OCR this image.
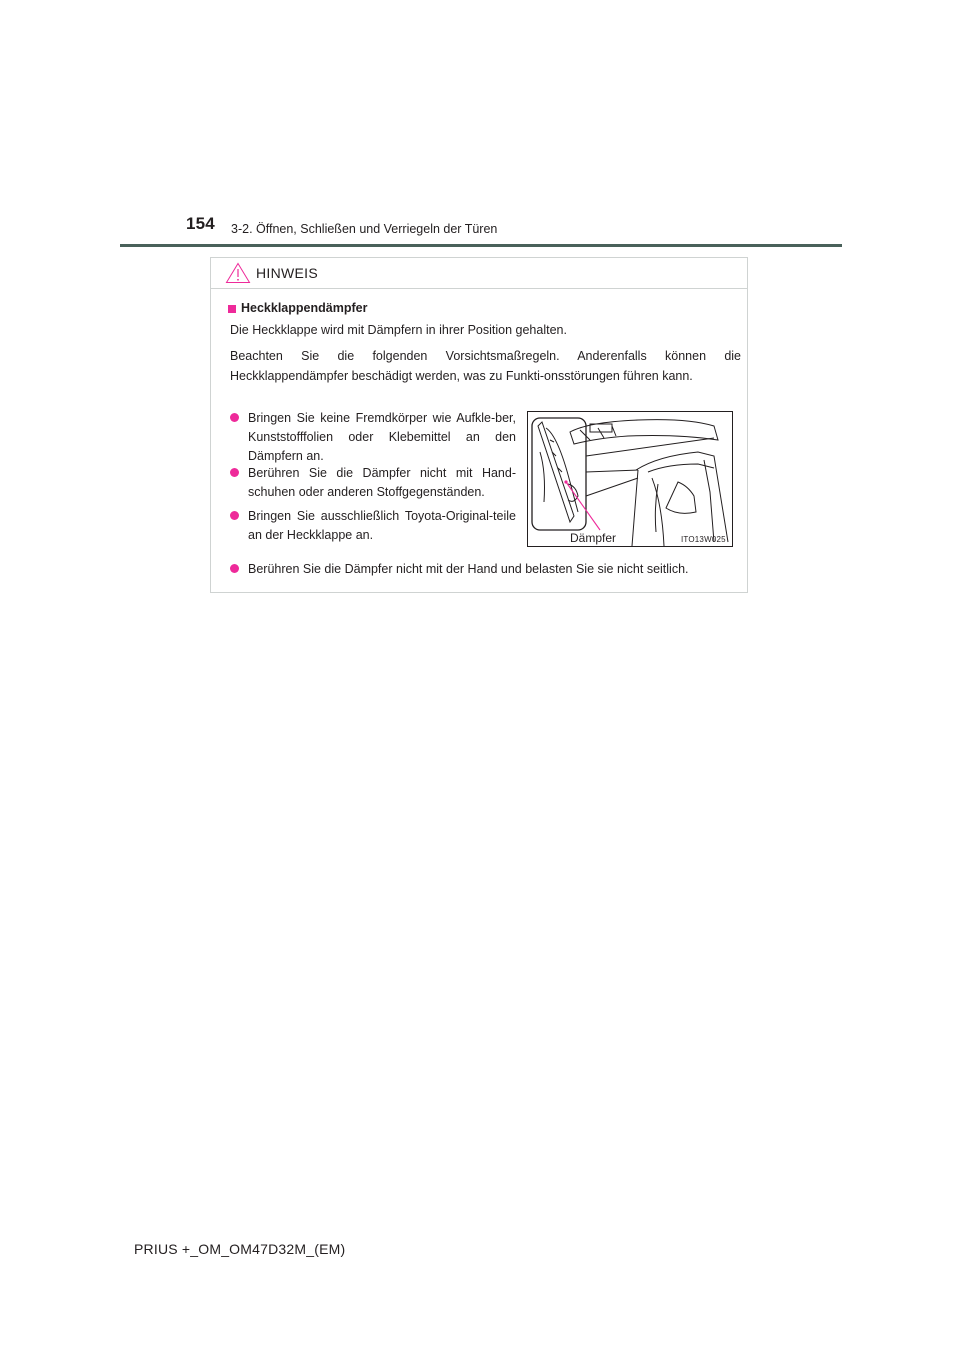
154 3-2. Öffnen, Schließen und Verriegeln der Türen
HINWEIS
Heckklappendämpfer

Die Heckklappe wird mit Dämpfern in ihrer Position gehalten.

Beachten Sie die folgenden Vorsichtsmaßregeln. Anderenfalls können die Heckklappendämpfer beschädigt werden, was zu Funkti-onsstörungen führen kann.

Bringen Sie keine Fremdkörper wie Aufkle-ber, Kunststofffolien oder Klebemittel an den Dämpfern an.
Berühren Sie die Dämpfer nicht mit Hand-schuhen oder anderen Stoffgegenständen.
Bringen Sie ausschließlich Toyota-Original-teile an der Heckklappe an.
Berühren Sie die Dämpfer nicht mit der Hand und belasten Sie sie nicht seitlich.
Dämpfer	ITO13W025
PRIUS +_OM_OM47D32M_(EM)
